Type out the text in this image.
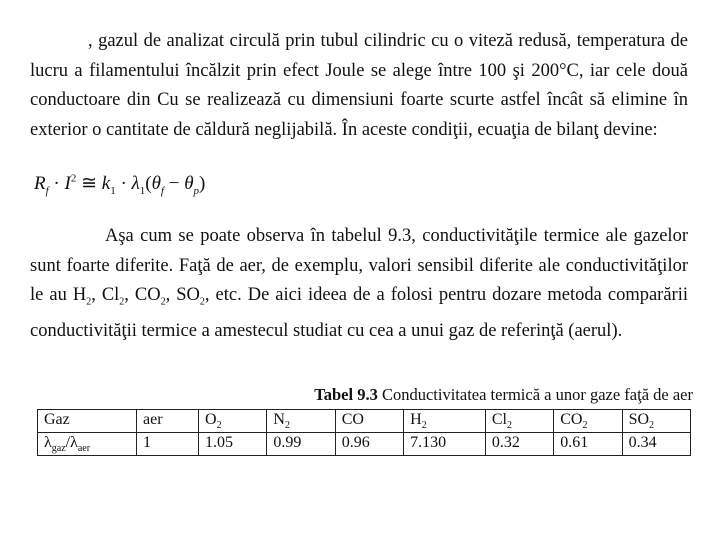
, gazul de analizat circulă prin tubul cilindric cu o viteză redusă, temperatura de lucru a filamentului încălzit prin efect Joule se alege între 100 şi 200°C, iar cele două conductoare din Cu se realizează cu dimensiuni foarte scurte astfel încât să elimine în exterior o cantitate de căldură neglijabilă. În aceste condiţii, ecuaţia de bilanţ devine:
$R_f \cdot I^2$ ≅ $k_1 \cdot \lambda_1(\theta_f - \theta_p)$
Aşa cum se poate observa în tabelul 9.3, conductivităţile termice ale gazelor sunt foarte diferite. Faţă de aer, de exemplu, valori sensibil diferite ale conductivităţilor le au $H_2$, $Cl_2$, $CO_2$, $SO_2$, etc. De aici ideea de a folosi pentru dozare metoda comparării conductivităţii termice a amestecul studiat cu cea a unui gaz de referinţă (aerul).
Tabel 9.3 Conductivitatea termică a unor gaze faţă de aer
Gaz	aer	$O_2$	$N_2$	CO	$H_2$	$Cl_2$	$CO_2$	$SO_2$
$\lambda_{gaz}/\lambda_{aer}$	1	1.05	0.99	0.96	7.130	0.32	0.61	0.34
